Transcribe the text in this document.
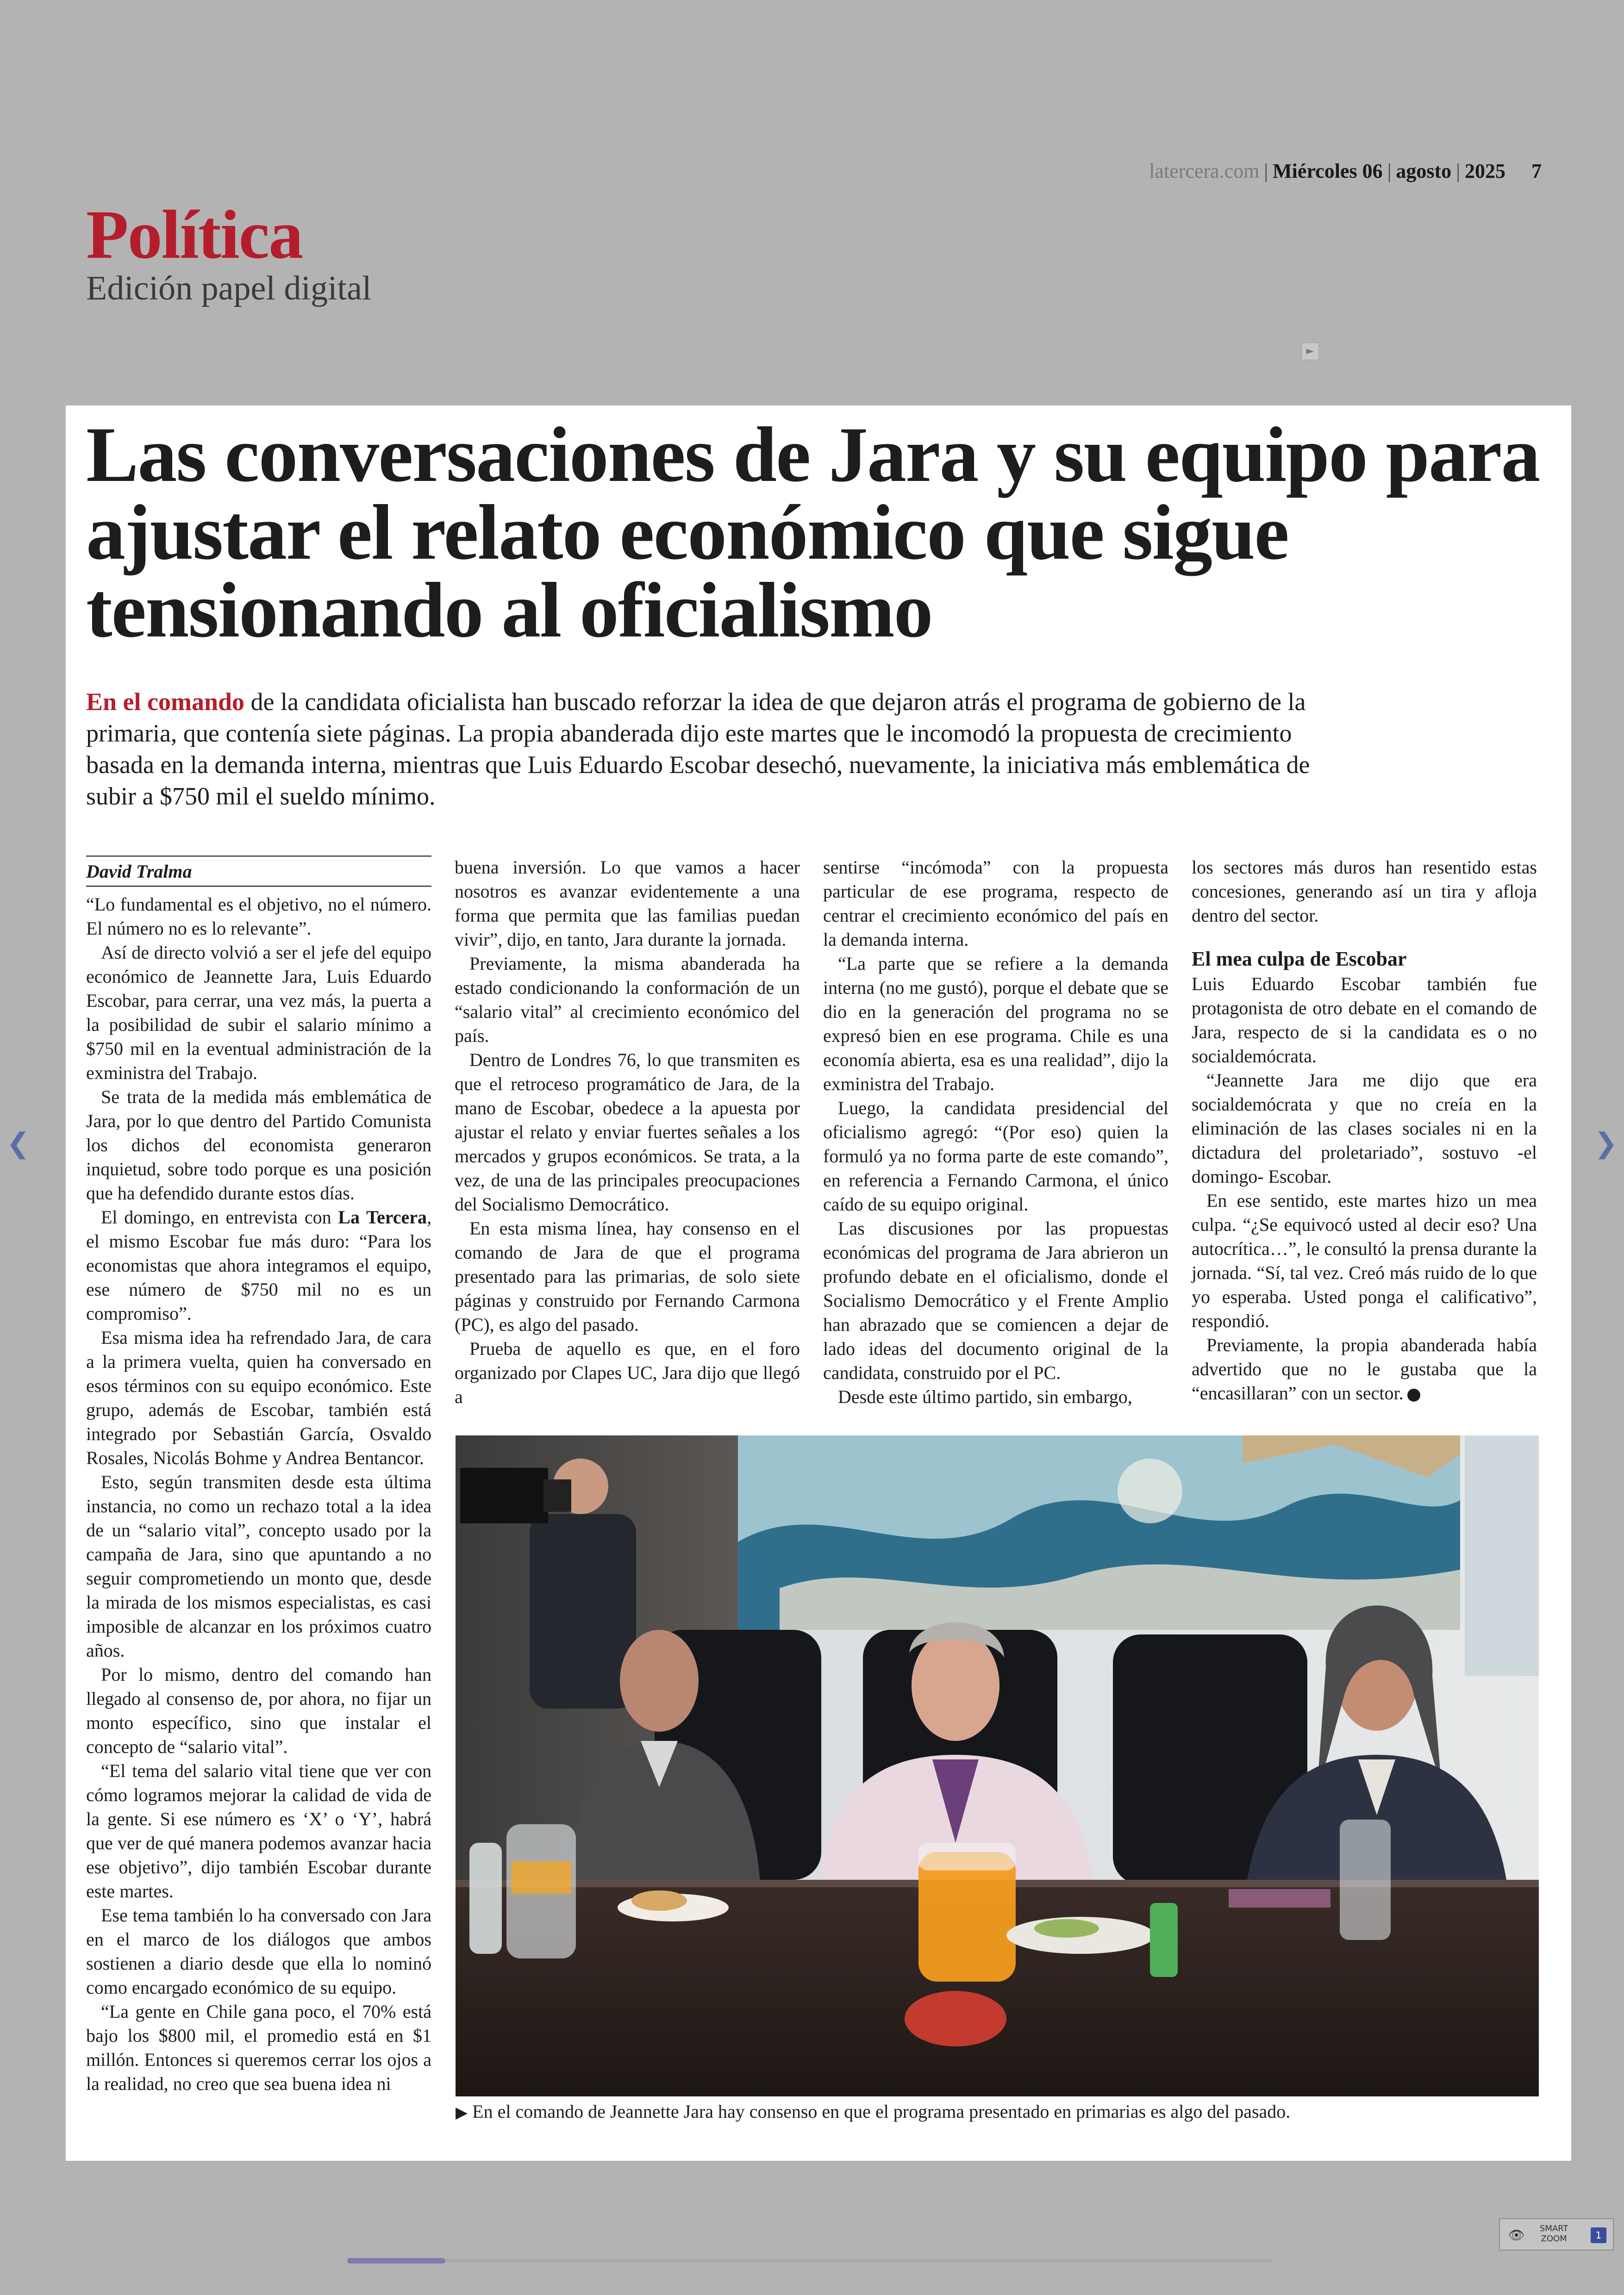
latercera.com | Miércoles 06 | agosto | 2025 7
Política
Edición papel digital
►
❮	❯
👁 SMART
ZOOM	1
Las conversaciones de Jara y su equipo para ajustar el relato económico que sigue tensionando al oficialismo

En el comando de la candidata oficialista han buscado reforzar la idea de que dejaron atrás el programa de gobierno de la primaria, que contenía siete páginas. La propia abanderada dijo este martes que le incomodó la propuesta de crecimiento basada en la demanda interna, mientras que Luis Eduardo Escobar desechó, nuevamente, la iniciativa más emblemática de subir a $750 mil el sueldo mínimo.

David Tralma

“Lo fundamental es el objetivo, no el número. El número no es lo relevante”.

Así de directo volvió a ser el jefe del equipo económico de Jeannette Jara, Luis Eduardo Escobar, para cerrar, una vez más, la puerta a la posibilidad de subir el salario mínimo a $750 mil en la eventual administración de la exministra del Trabajo.

Se trata de la medida más emblemática de Jara, por lo que dentro del Partido Comunista los dichos del economista generaron inquietud, sobre todo porque es una posición que ha defendido durante estos días.

El domingo, en entrevista con La Tercera, el mismo Escobar fue más duro: “Para los economistas que ahora integramos el equipo, ese número de $750 mil no es un compromiso”.

Esa misma idea ha refrendado Jara, de cara a la primera vuelta, quien ha conversado en esos términos con su equipo económico. Este grupo, además de Escobar, también está integrado por Sebastián García, Osvaldo Rosales, Nicolás Bohme y Andrea Bentancor.

Esto, según transmiten desde esta última instancia, no como un rechazo total a la idea de un “salario vital”, concepto usado por la campaña de Jara, sino que apuntando a no seguir comprometiendo un monto que, desde la mirada de los mismos especialistas, es casi imposible de alcanzar en los próximos cuatro años.

Por lo mismo, dentro del comando han llegado al consenso de, por ahora, no fijar un monto específico, sino que instalar el concepto de “salario vital”.

“El tema del salario vital tiene que ver con cómo logramos mejorar la calidad de vida de la gente. Si ese número es ‘X’ o ‘Y’, habrá que ver de qué manera podemos avanzar hacia ese objetivo”, dijo también Escobar durante este martes.

Ese tema también lo ha conversado con Jara en el marco de los diálogos que ambos sostienen a diario desde que ella lo nominó como encargado económico de su equipo.

“La gente en Chile gana poco, el 70% está bajo los $800 mil, el promedio está en $1 millón. Entonces si queremos cerrar los ojos a la realidad, no creo que sea buena idea ni

buena inversión. Lo que vamos a hacer nosotros es avanzar evidentemente a una forma que permita que las familias puedan vivir”, dijo, en tanto, Jara durante la jornada.

Previamente, la misma abanderada ha estado condicionando la conformación de un “salario vital” al crecimiento económico del país.

Dentro de Londres 76, lo que transmiten es que el retroceso programático de Jara, de la mano de Escobar, obedece a la apuesta por ajustar el relato y enviar fuertes señales a los mercados y grupos económicos. Se trata, a la vez, de una de las principales preocupaciones del Socialismo Democrático.

En esta misma línea, hay consenso en el comando de Jara de que el programa presentado para las primarias, de solo siete páginas y construido por Fernando Carmona (PC), es algo del pasado.

Prueba de aquello es que, en el foro organizado por Clapes UC, Jara dijo que llegó a

sentirse “incómoda” con la propuesta particular de ese programa, respecto de centrar el crecimiento económico del país en la demanda interna.

“La parte que se refiere a la demanda interna (no me gustó), porque el debate que se dio en la generación del programa no se expresó bien en ese programa. Chile es una economía abierta, esa es una realidad”, dijo la exministra del Trabajo.

Luego, la candidata presidencial del oficialismo agregó: “(Por eso) quien la formuló ya no forma parte de este comando”, en referencia a Fernando Carmona, el único caído de su equipo original.

Las discusiones por las propuestas económicas del programa de Jara abrieron un profundo debate en el oficialismo, donde el Socialismo Democrático y el Frente Amplio han abrazado que se comiencen a dejar de lado ideas del documento original de la candidata, construido por el PC.

Desde este último partido, sin embargo,

los sectores más duros han resentido estas concesiones, generando así un tira y afloja dentro del sector.

El mea culpa de Escobar

Luis Eduardo Escobar también fue protagonista de otro debate en el comando de Jara, respecto de si la candidata es o no socialdemócrata.

“Jeannette Jara me dijo que era socialdemócrata y que no creía en la eliminación de las clases sociales ni en la dictadura del proletariado”, sostuvo -el domingo- Escobar.

En ese sentido, este martes hizo un mea culpa. “¿Se equivocó usted al decir eso? Una autocrítica…”, le consultó la prensa durante la jornada. “Sí, tal vez. Creó más ruido de lo que yo esperaba. Usted ponga el calificativo”, respondió.

Previamente, la propia abanderada había advertido que no le gustaba que la “encasillaran” con un sector.

▶ En el comando de Jeannette Jara hay consenso en que el programa presentado en primarias es algo del pasado.
